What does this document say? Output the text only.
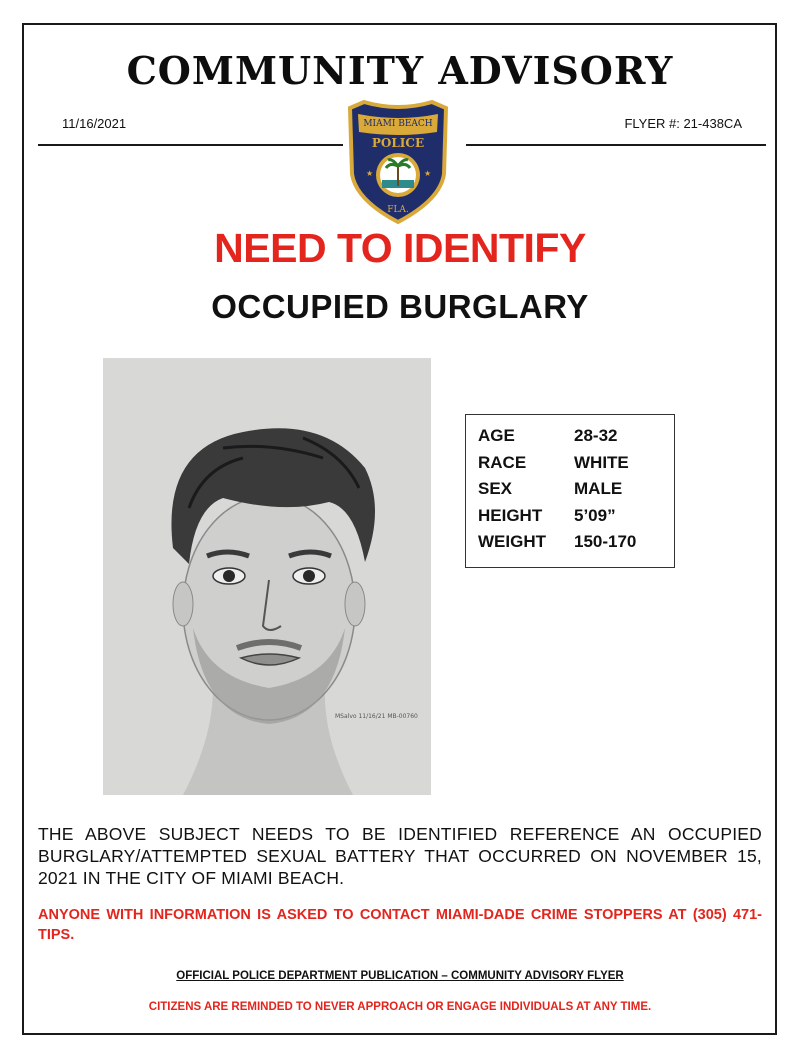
COMMUNITY ADVISORY
11/16/2021	FLYER #: 21-438CA
MIAMI BEACH
POLICE
★	★
FLA.
NEED TO IDENTIFY
OCCUPIED BURGLARY
MSalvo 11/16/21 MB-00760
AGE	28-32
RACE	WHITE
SEX	MALE
HEIGHT	5’09”
WEIGHT	150-170
THE ABOVE SUBJECT NEEDS TO BE IDENTIFIED REFERENCE AN OCCUPIED BURGLARY/ATTEMPTED SEXUAL BATTERY THAT OCCURRED ON NOVEMBER 15, 2021 IN THE CITY OF MIAMI BEACH.
ANYONE WITH INFORMATION IS ASKED TO CONTACT MIAMI-DADE CRIME STOPPERS AT (305) 471-TIPS.
OFFICIAL POLICE DEPARTMENT PUBLICATION – COMMUNITY ADVISORY FLYER
CITIZENS ARE REMINDED TO NEVER APPROACH OR ENGAGE INDIVIDUALS AT ANY TIME.
